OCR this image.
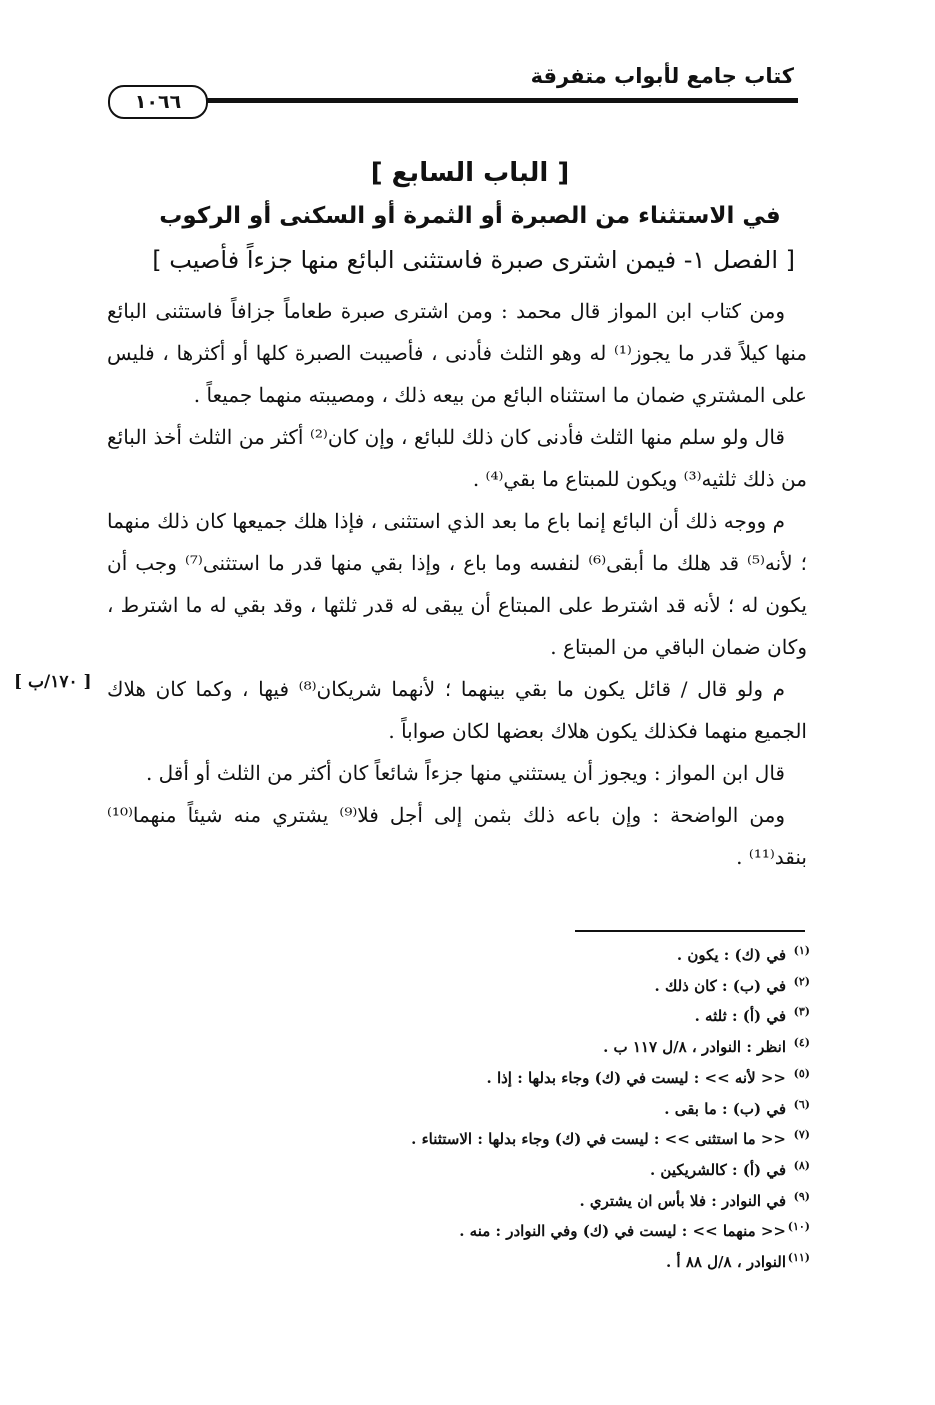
كتاب جامع لأبواب متفرقة
١٠٦٦
[ الباب السابع ]
في الاستثناء من الصبرة أو الثمرة أو السكنى أو الركوب
[ الفصل ١- فيمن اشترى صبرة فاستثنى البائع منها جزءاً فأصيب ]

ومن كتاب ابن المواز قال محمد : ومن اشترى صبرة طعاماً جزافاً فاستثنى البائع منها كيلاً قدر ما يجوز⁽¹⁾ له وهو الثلث فأدنى ، فأصيبت الصبرة كلها أو أكثرها ، فليس على المشتري ضمان ما استثناه البائع من بيعه ذلك ، ومصيبته منهما جميعاً .

قال ولو سلم منها الثلث فأدنى كان ذلك للبائع ، وإن كان⁽²⁾ أكثر من الثلث أخذ البائع من ذلك ثلثيه⁽³⁾ ويكون للمبتاع ما بقي⁽⁴⁾ .

م ووجه ذلك أن البائع إنما باع ما بعد الذي استثنى ، فإذا هلك جميعها كان ذلك منهما ؛ لأنه⁽⁵⁾ قد هلك ما أبقى⁽⁶⁾ لنفسه وما باع ، وإذا بقي منها قدر ما استثنى⁽⁷⁾ وجب أن يكون له ؛ لأنه قد اشترط على المبتاع أن يبقى له قدر ثلثها ، وقد بقي له ما اشترط ، وكان ضمان الباقي من المبتاع .

م ولو قال / قائل يكون ما بقي بينهما ؛ لأنهما شريكان⁽⁸⁾ فيها ، وكما كان هلاك الجميع منهما فكذلك يكون هلاك بعضها لكان صواباً .

قال ابن المواز : ويجوز أن يستثني منها جزءاً شائعاً كان أكثر من الثلث أو أقل .

ومن الواضحة : وإن باعه ذلك بثمن إلى أجل فلا⁽⁹⁾ يشتري منه شيئاً منهما⁽¹⁰⁾ بنقد⁽¹¹⁾ .

[ ١٧٠/ب ]
(١)في (ك) : يكون .
(٢)في (ب) : كان ذلك .
(٣)في (أ) : ثلثه .
(٤)انظر : النوادر ، ٨/ل ١١٧ ب .
(٥)<< لأنه >> : ليست في (ك) وجاء بدلها : إذا .
(٦)في (ب) : ما بقى .
(٧)<< ما استثنى >> : ليست في (ك) وجاء بدلها : الاستثناء .
(٨)في (أ) : كالشريكين .
(٩)في النوادر : فلا بأس ان يشتري .
(١٠)<< منهما >> : ليست في (ك) وفي النوادر : منه .
(١١)النوادر ، ٨/ل ٨٨ أ .
